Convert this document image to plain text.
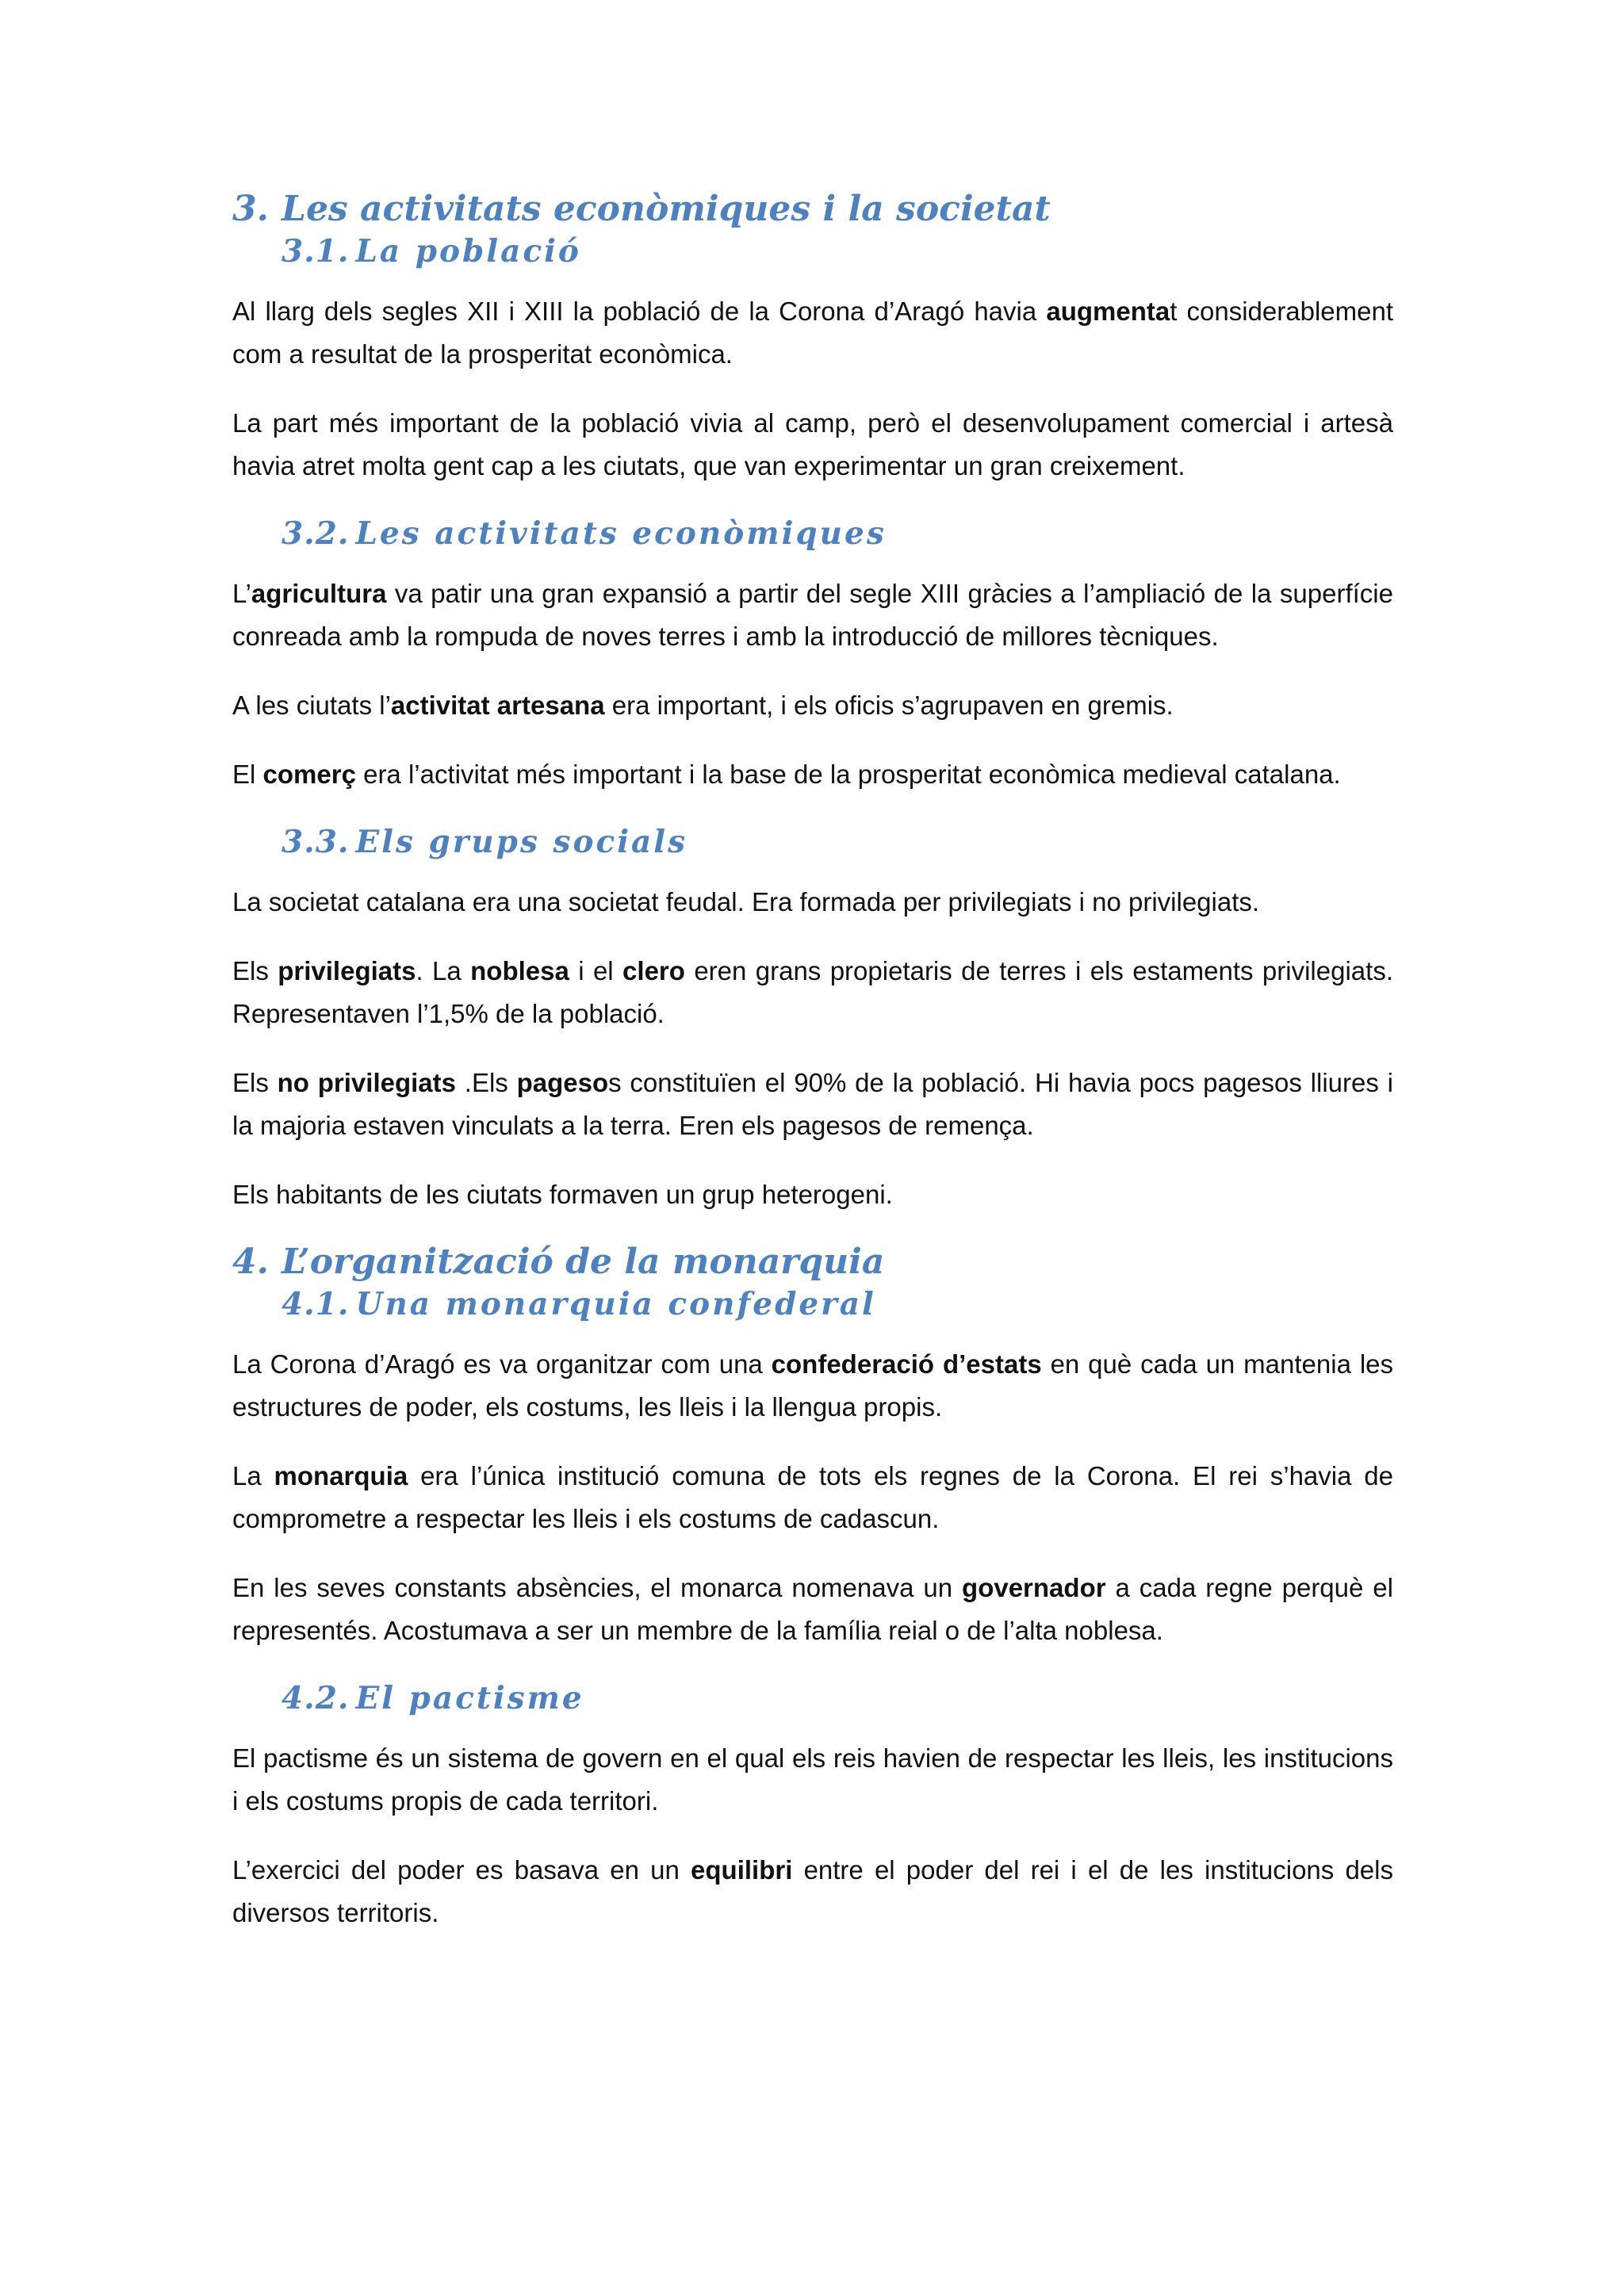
3. Les activitats econòmiques i la societat
3.1. La població

Al llarg dels segles XII i XIII la població de la Corona d’Aragó havia augmentat considerablement com a resultat de la prosperitat econòmica.

La part més important de la població vivia al camp, però el desenvolupament comercial i artesà havia atret molta gent cap a les ciutats, que van experimentar un gran creixement.

3.2. Les activitats econòmiques

L’agricultura va patir una gran expansió a partir del segle XIII gràcies a l’ampliació de la superfície conreada amb la rompuda de noves terres i amb la introducció de millores tècniques.

A les ciutats l’activitat artesana era important, i els oficis s’agrupaven en gremis.

El comerç era l’activitat més important i la base de la prosperitat econòmica medieval catalana.

3.3. Els grups socials

La societat catalana era una societat feudal. Era formada per privilegiats i no privilegiats.

Els privilegiats. La noblesa i el clero eren grans propietaris de terres i els estaments privilegiats. Representaven l’1,5% de la població.

Els no privilegiats .Els pagesos constituïen el 90% de la població. Hi havia pocs pagesos lliures i la majoria estaven vinculats a la terra. Eren els pagesos de remença.

Els habitants de les ciutats formaven un grup heterogeni.

4. L’organització de la monarquia
4.1. Una monarquia confederal

La Corona d’Aragó es va organitzar com una confederació d’estats en què cada un mantenia les estructures de poder, els costums, les lleis i la llengua propis.

La monarquia era l’única institució comuna de tots els regnes de la Corona. El rei s’havia de comprometre a respectar les lleis i els costums de cadascun.

En les seves constants absències, el monarca nomenava un governador a cada regne perquè el representés. Acostumava a ser un membre de la família reial o de l’alta noblesa.

4.2. El pactisme

El pactisme és un sistema de govern en el qual els reis havien de respectar les lleis, les institucions i els costums propis de cada territori.

L’exercici del poder es basava en un equilibri entre el poder del rei i el de les institucions dels diversos territoris.
